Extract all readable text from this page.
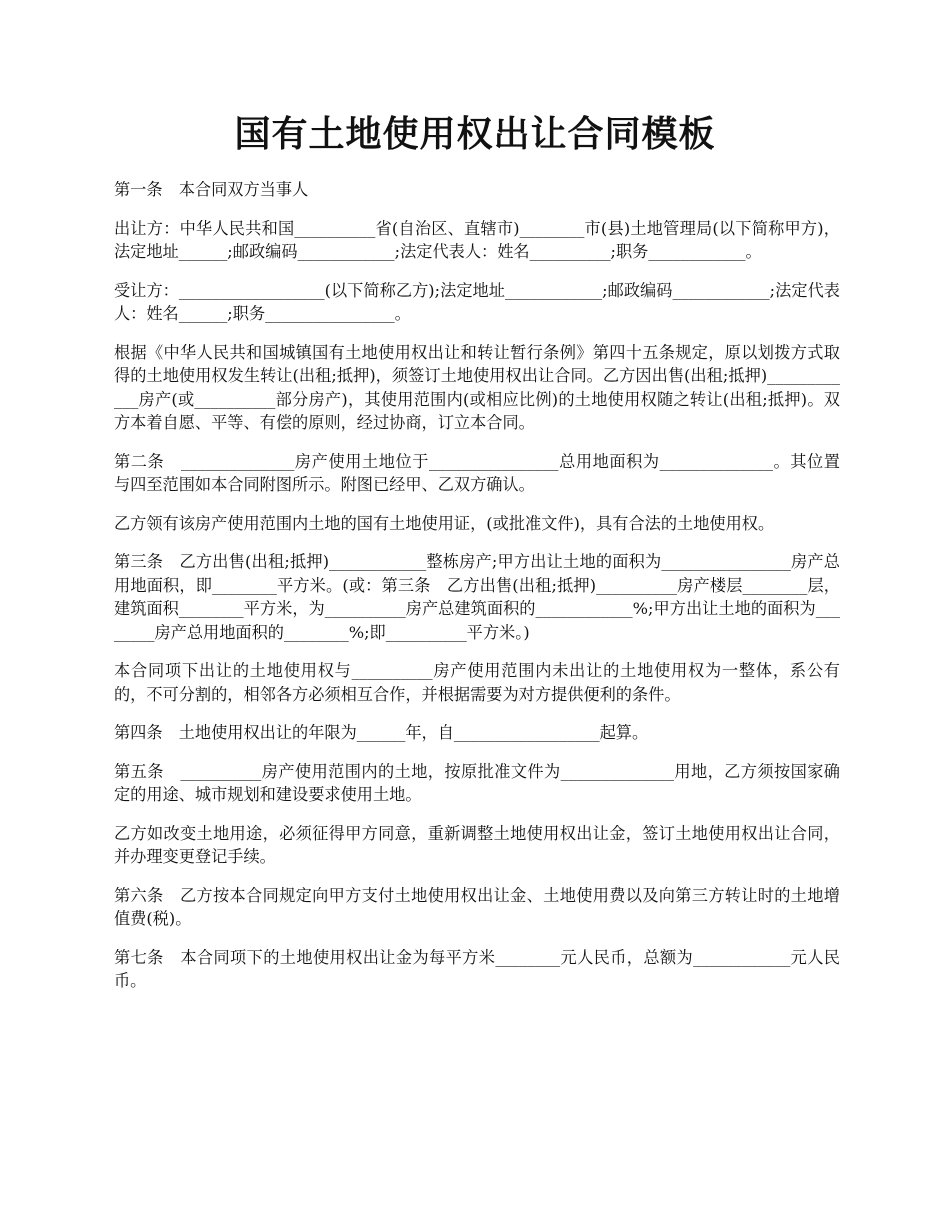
国有土地使用权出让合同模板

第一条　本合同双方当事人

出让方：中华人民共和国__________省(自治区、直辖市)________市(县)土地管理局(以下简称甲方)，法定地址______;邮政编码____________;法定代表人：姓名__________;职务____________。

受让方：__________________(以下简称乙方);法定地址____________;邮政编码____________;法定代表人：姓名______;职务________________。

根据《中华人民共和国城镇国有土地使用权出让和转让暂行条例》第四十五条规定，原以划拨方式取得的土地使用权发生转让(出租;抵押)，须签订土地使用权出让合同。乙方因出售(出租;抵押)____________房产(或__________部分房产)，其使用范围内(或相应比例)的土地使用权随之转让(出租;抵押)。双方本着自愿、平等、有偿的原则，经过协商，订立本合同。

第二条　______________房产使用土地位于________________总用地面积为______________。其位置与四至范围如本合同附图所示。附图已经甲、乙双方确认。

乙方领有该房产使用范围内土地的国有土地使用证，(或批准文件)，具有合法的土地使用权。

第三条　乙方出售(出租;抵押)____________整栋房产;甲方出让土地的面积为________________房产总用地面积，即________平方米。(或：第三条　乙方出售(出租;抵押)__________房产楼层________层，建筑面积________平方米，为__________房产总建筑面积的____________%;甲方出让土地的面积为________房产总用地面积的________%;即__________平方米。)

本合同项下出让的土地使用权与__________房产使用范围内未出让的土地使用权为一整体，系公有的，不可分割的，相邻各方必须相互合作，并根据需要为对方提供便利的条件。

第四条　土地使用权出让的年限为______年，自__________________起算。

第五条　__________房产使用范围内的土地，按原批准文件为______________用地，乙方须按国家确定的用途、城市规划和建设要求使用土地。

乙方如改变土地用途，必须征得甲方同意，重新调整土地使用权出让金，签订土地使用权出让合同，并办理变更登记手续。

第六条　乙方按本合同规定向甲方支付土地使用权出让金、土地使用费以及向第三方转让时的土地增值费(税)。

第七条　本合同项下的土地使用权出让金为每平方米________元人民币，总额为____________元人民币。
